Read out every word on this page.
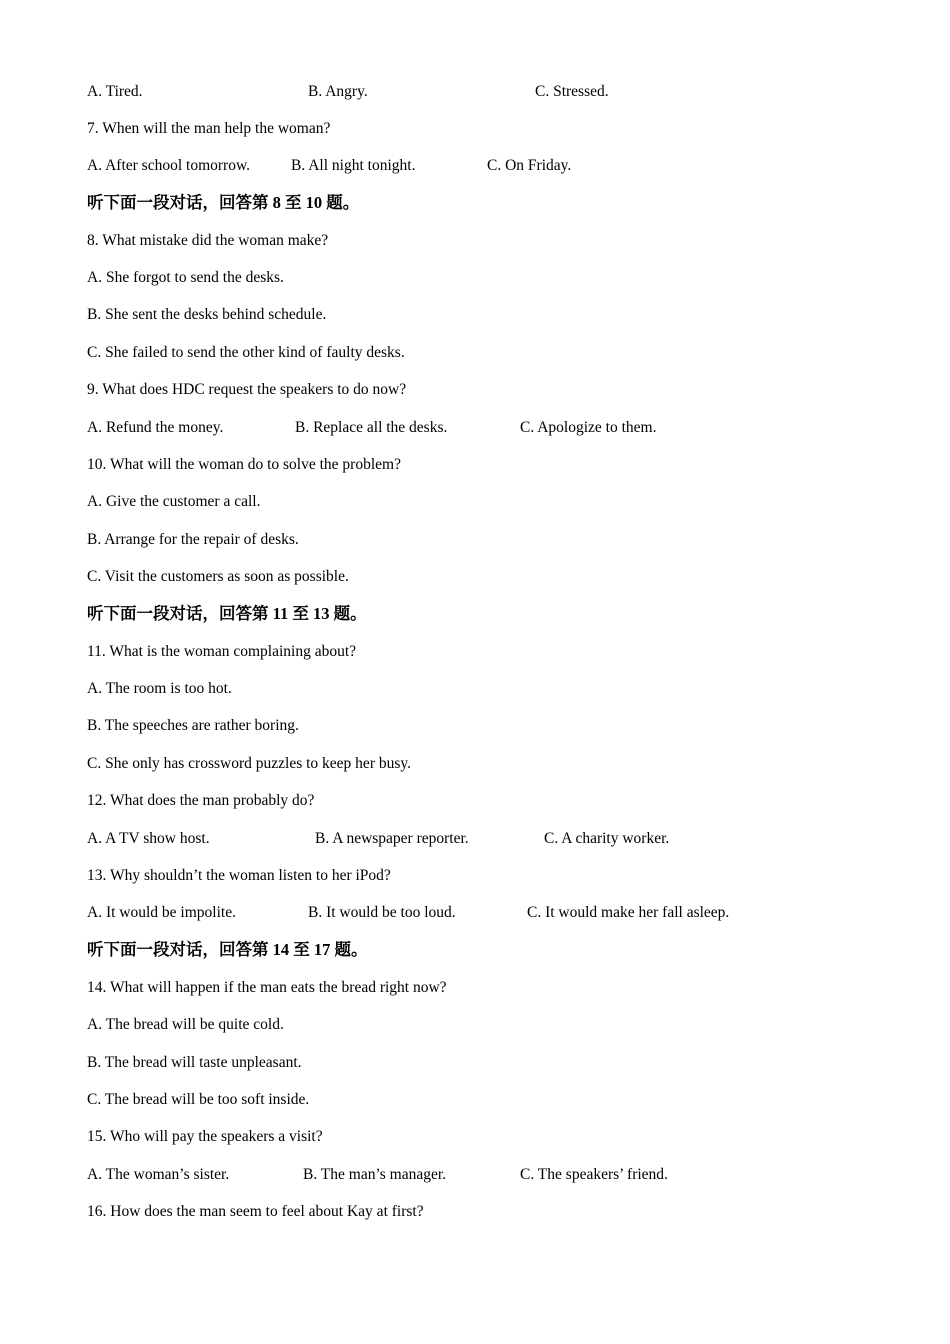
A. Tired.	B. Angry.	C. Stressed.
7. When will the man help the woman?
A. After school tomorrow.	B. All night tonight.	C. On Friday.
听下面一段对话，回答第 8 至 10 题。
8. What mistake did the woman make?
A. She forgot to send the desks.
B. She sent the desks behind schedule.
C. She failed to send the other kind of faulty desks.
9. What does HDC request the speakers to do now?
A. Refund the money.	B. Replace all the desks.	C. Apologize to them.
10. What will the woman do to solve the problem?
A. Give the customer a call.
B. Arrange for the repair of desks.
C. Visit the customers as soon as possible.
听下面一段对话，回答第 11 至 13 题。
11. What is the woman complaining about?
A. The room is too hot.
B. The speeches are rather boring.
C. She only has crossword puzzles to keep her busy.
12. What does the man probably do?
A. A TV show host.	B. A newspaper reporter.	C. A charity worker.
13. Why shouldn’t the woman listen to her iPod?
A. It would be impolite.	B. It would be too loud.	C. It would make her fall asleep.
听下面一段对话，回答第 14 至 17 题。
14. What will happen if the man eats the bread right now?
A. The bread will be quite cold.
B. The bread will taste unpleasant.
C. The bread will be too soft inside.
15. Who will pay the speakers a visit?
A. The woman’s sister.	B. The man’s manager.	C. The speakers’ friend.
16. How does the man seem to feel about Kay at first?
